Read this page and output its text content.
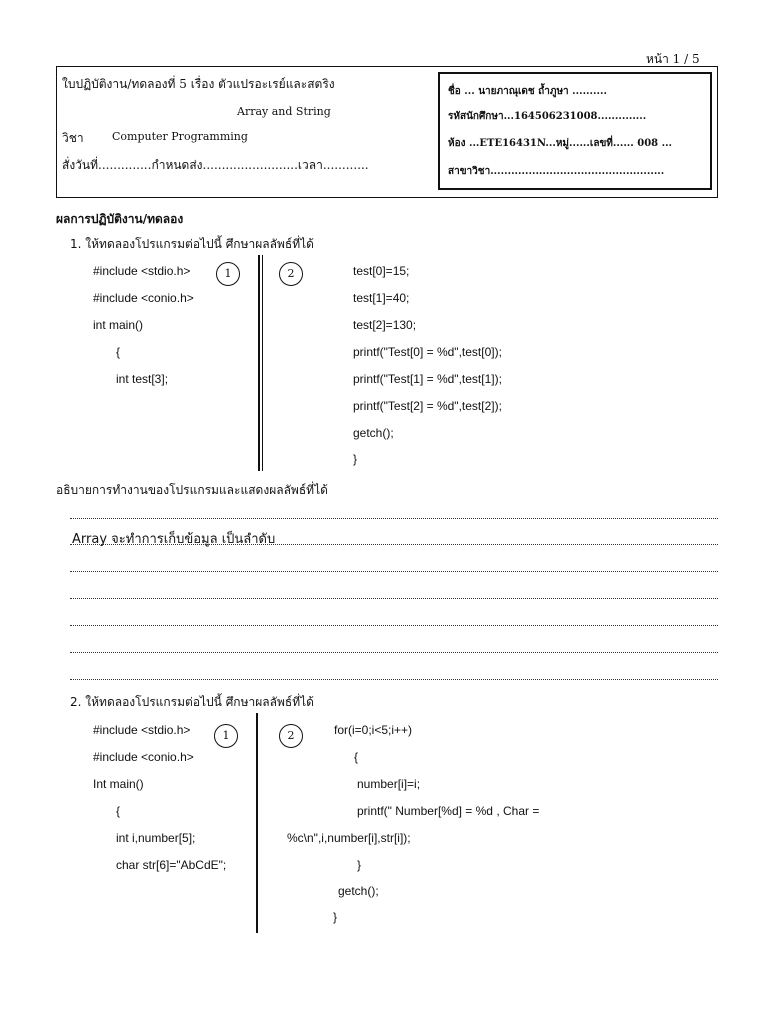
หน้า 1 / 5
ใบปฏิบัติงาน/ทดลองที่ 5 เรื่อง ตัวแปรอะเรย์และสตริง
Array and String
วิชา	Computer Programming
สั่งวันที่..............กำหนดส่ง.........................เวลา............
ชื่อ ... นายภาณุเดช ถ้ำภูษา ..........
รหัสนักศึกษา...164506231008..............
ห้อง ...ETE16431N...หมู่......เลขที่...... 008 ...
สาขาวิชา..................................................
ผลการปฏิบัติงาน/ทดลอง
1. ให้ทดลองโปรแกรมต่อไปนี้ ศึกษาผลลัพธ์ที่ได้
1	2
#include <stdio.h>
#include <conio.h>
int main()
{
int test[3];
test[0]=15;
test[1]=40;
test[2]=130;
printf("Test[0] = %d",test[0]);
printf("Test[1] = %d",test[1]);
printf("Test[2] = %d",test[2]);
getch();
}
อธิบายการทำงานของโปรแกรมและแสดงผลลัพธ์ที่ได้
Array จะทำการเก็บข้อมูล เป็นลำดับ
2. ให้ทดลองโปรแกรมต่อไปนี้ ศึกษาผลลัพธ์ที่ได้
1	2
#include <stdio.h>
#include <conio.h>
Int main()
{
int i,number[5];
char str[6]="AbCdE";
for(i=0;i<5;i++)
{
number[i]=i;
printf(" Number[%d] = %d , Char =
%c\n",i,number[i],str[i]);
}
getch();
}
